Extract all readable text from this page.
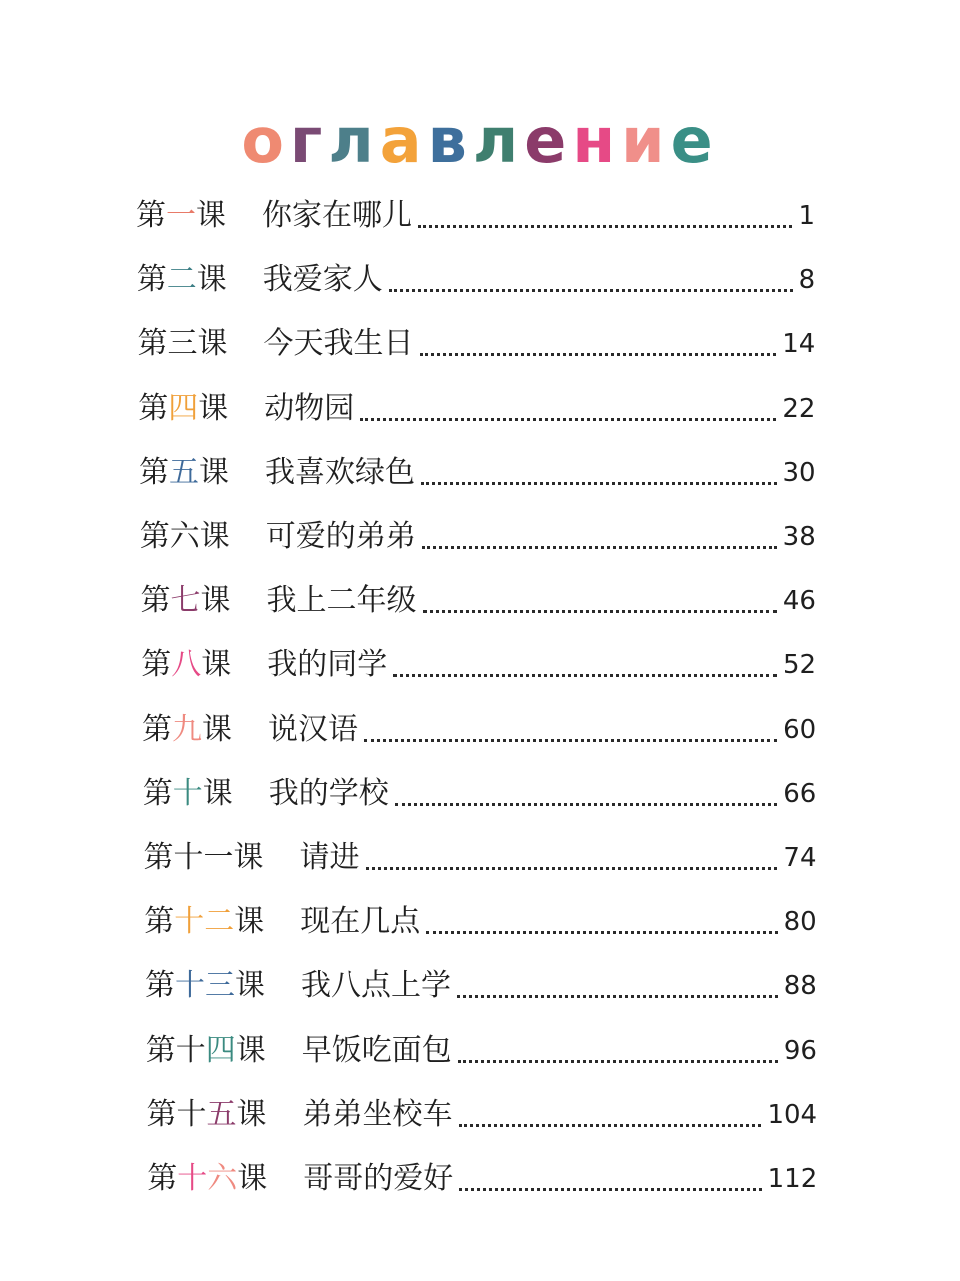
оглавление
第一课 你家在哪儿	1
第二课 我爱家人	8
第三课 今天我生日	14
第四课 动物园	22
第五课 我喜欢绿色	30
第六课 可爱的弟弟	38
第七课 我上二年级	46
第八课 我的同学	52
第九课 说汉语	60
第十课 我的学校	66
第十一课 请进	74
第十二课 现在几点	80
第十三课 我八点上学	88
第十四课 早饭吃面包	96
第十五课 弟弟坐校车	104
第十六课 哥哥的爱好	112
